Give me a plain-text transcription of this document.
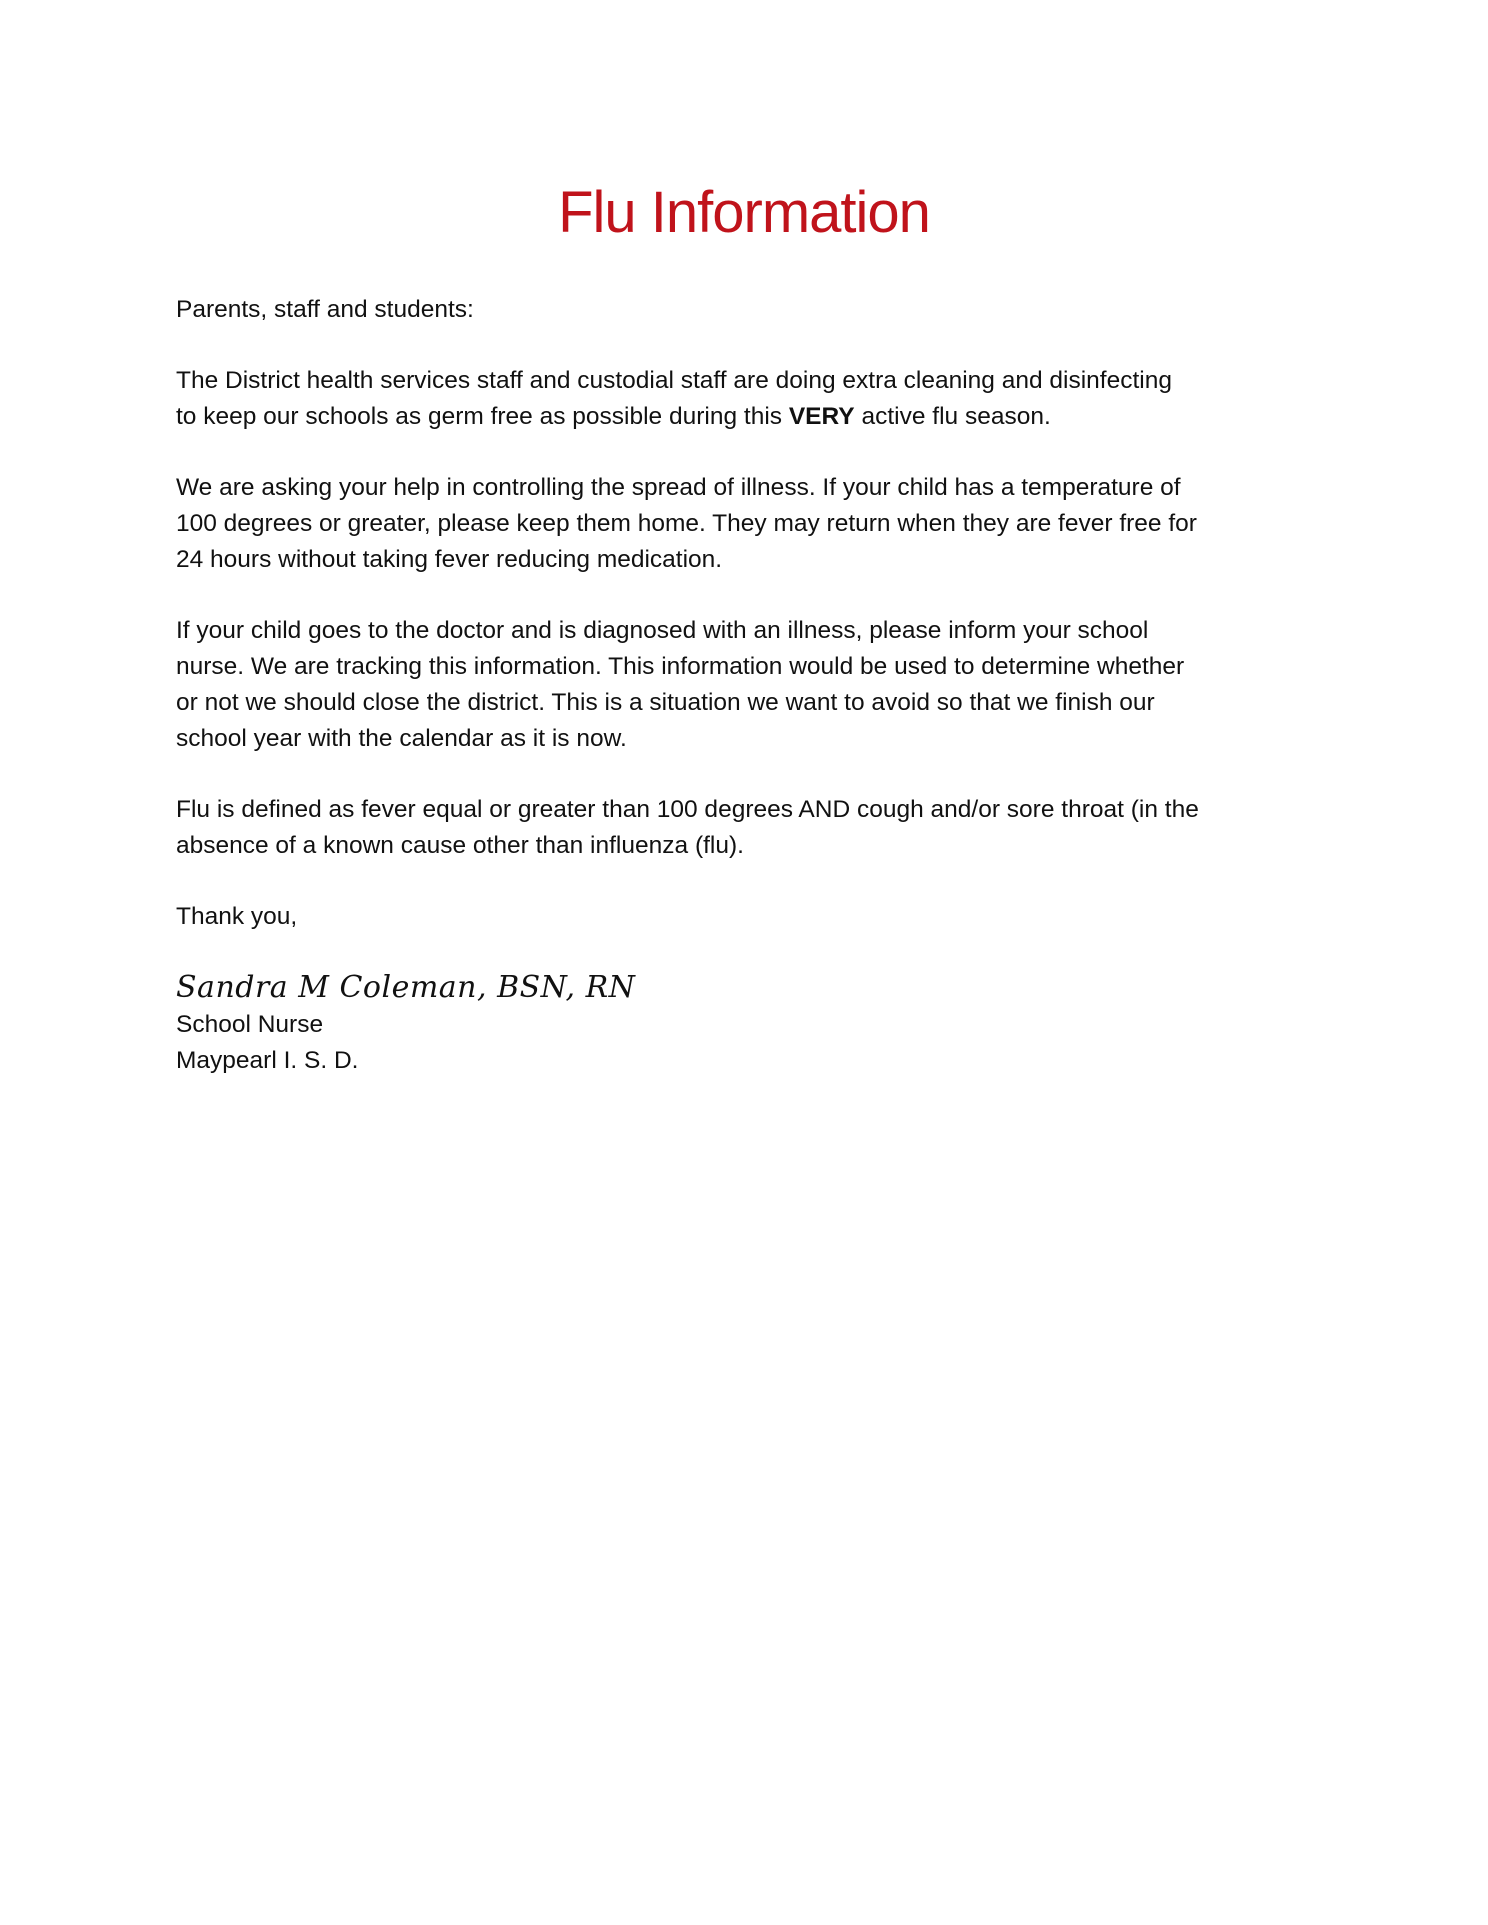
Flu Information

Parents, staff and students:

The District health services staff and custodial staff are doing extra cleaning and disinfecting
to keep our schools as germ free as possible during this VERY active flu season.

We are asking your help in controlling the spread of illness. If your child has a temperature of
100 degrees or greater, please keep them home. They may return when they are fever free for
24 hours without taking fever reducing medication.

If your child goes to the doctor and is diagnosed with an illness, please inform your school
nurse. We are tracking this information. This information would be used to determine whether
or not we should close the district. This is a situation we want to avoid so that we finish our
school year with the calendar as it is now.

Flu is defined as fever equal or greater than 100 degrees AND cough and/or sore throat (in the
absence of a known cause other than influenza (flu).

Thank you,

Sandra M Coleman, BSN, RN

School Nurse

Maypearl I. S. D.
